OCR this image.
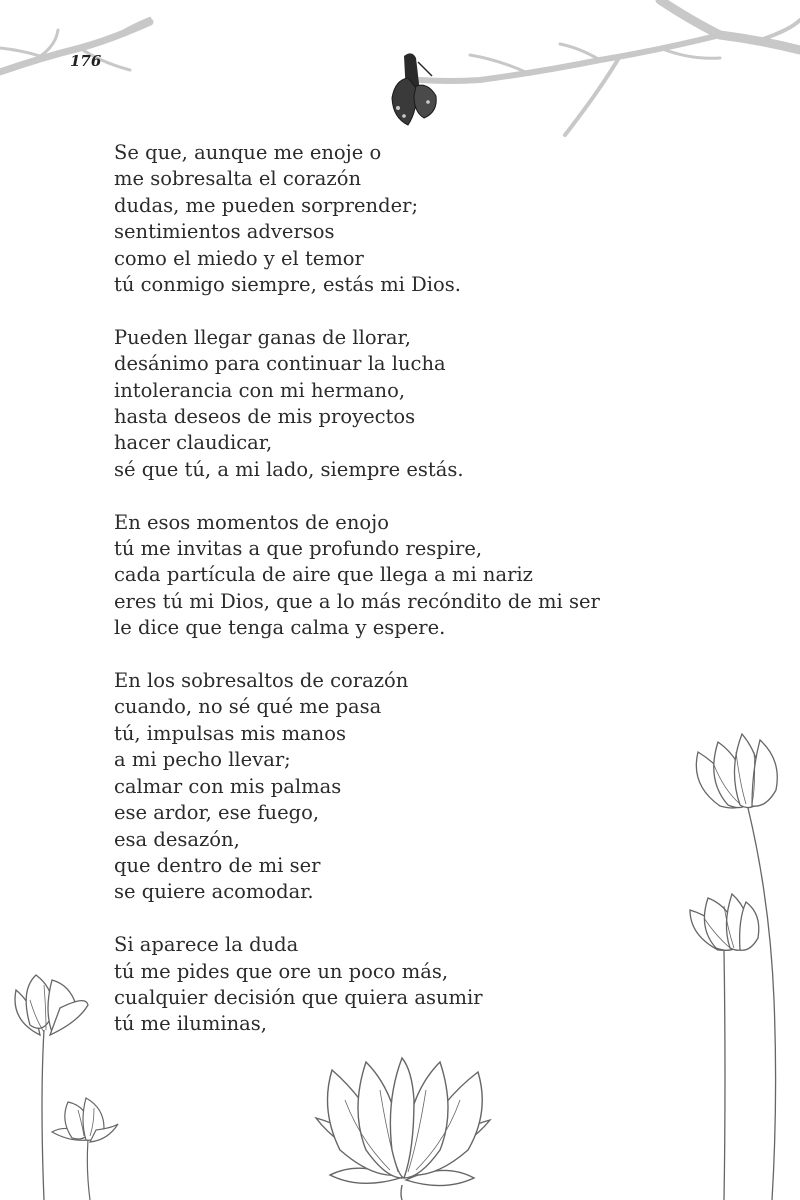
176
Se que, aunque me enoje o
me sobresalta el corazón
dudas, me pueden sorprender;
sentimientos adversos
como el miedo y el temor
tú conmigo siempre, estás mi Dios.
Pueden llegar ganas de llorar,
desánimo para continuar la lucha
intolerancia con mi hermano,
hasta deseos de mis proyectos
hacer claudicar,
sé que tú, a mi lado, siempre estás.
En esos momentos de enojo
tú me invitas a que profundo respire,
cada partícula de aire que llega a mi nariz
eres tú mi Dios, que a lo más recóndito de mi ser
le dice que tenga calma y espere.
En los sobresaltos de corazón
cuando, no sé qué me pasa
tú, impulsas mis manos
a mi pecho llevar;
calmar con mis palmas
ese ardor, ese fuego,
esa desazón,
que dentro de mi ser
se quiere acomodar.
Si aparece la duda
tú me pides que ore un poco más,
cualquier decisión que quiera asumir
tú me iluminas,
